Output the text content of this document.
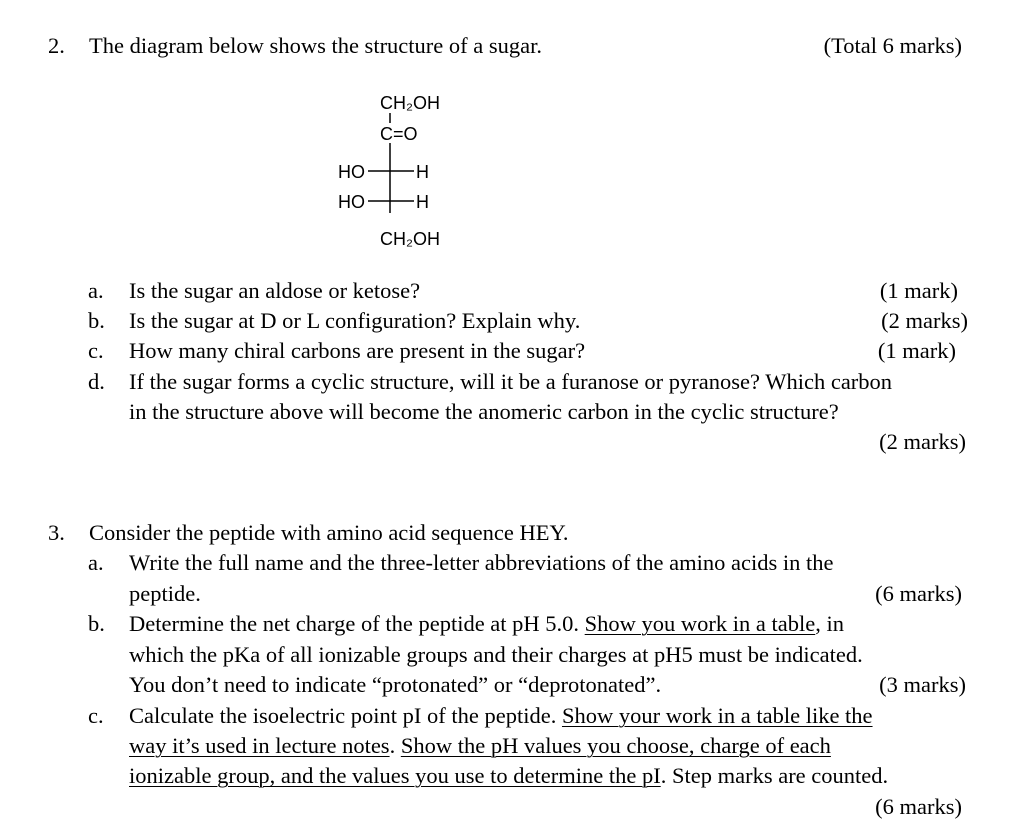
2. The diagram below shows the structure of a sugar.	(Total 6 marks)
CH₂OH
C=O
HO	H
HO	H
CH₂OH
a. Is the sugar an aldose or ketose?	(1 mark)
b. Is the sugar at D or L configuration? Explain why.	(2 marks)
c. How many chiral carbons are present in the sugar?	(1 mark)
d. If the sugar forms a cyclic structure, will it be a furanose or pyranose? Which carbon
in the structure above will become the anomeric carbon in the cyclic structure?
(2 marks)
3. Consider the peptide with amino acid sequence HEY.
a. Write the full name and the three-letter abbreviations of the amino acids in the
peptide.	(6 marks)
b. Determine the net charge of the peptide at pH 5.0. Show you work in a table, in
which the pKa of all ionizable groups and their charges at pH5 must be indicated.
You don’t need to indicate “protonated” or “deprotonated”.	(3 marks)
c. Calculate the isoelectric point pI of the peptide. Show your work in a table like the
way it’s used in lecture notes. Show the pH values you choose, charge of each
ionizable group, and the values you use to determine the pI. Step marks are counted.
(6 marks)
